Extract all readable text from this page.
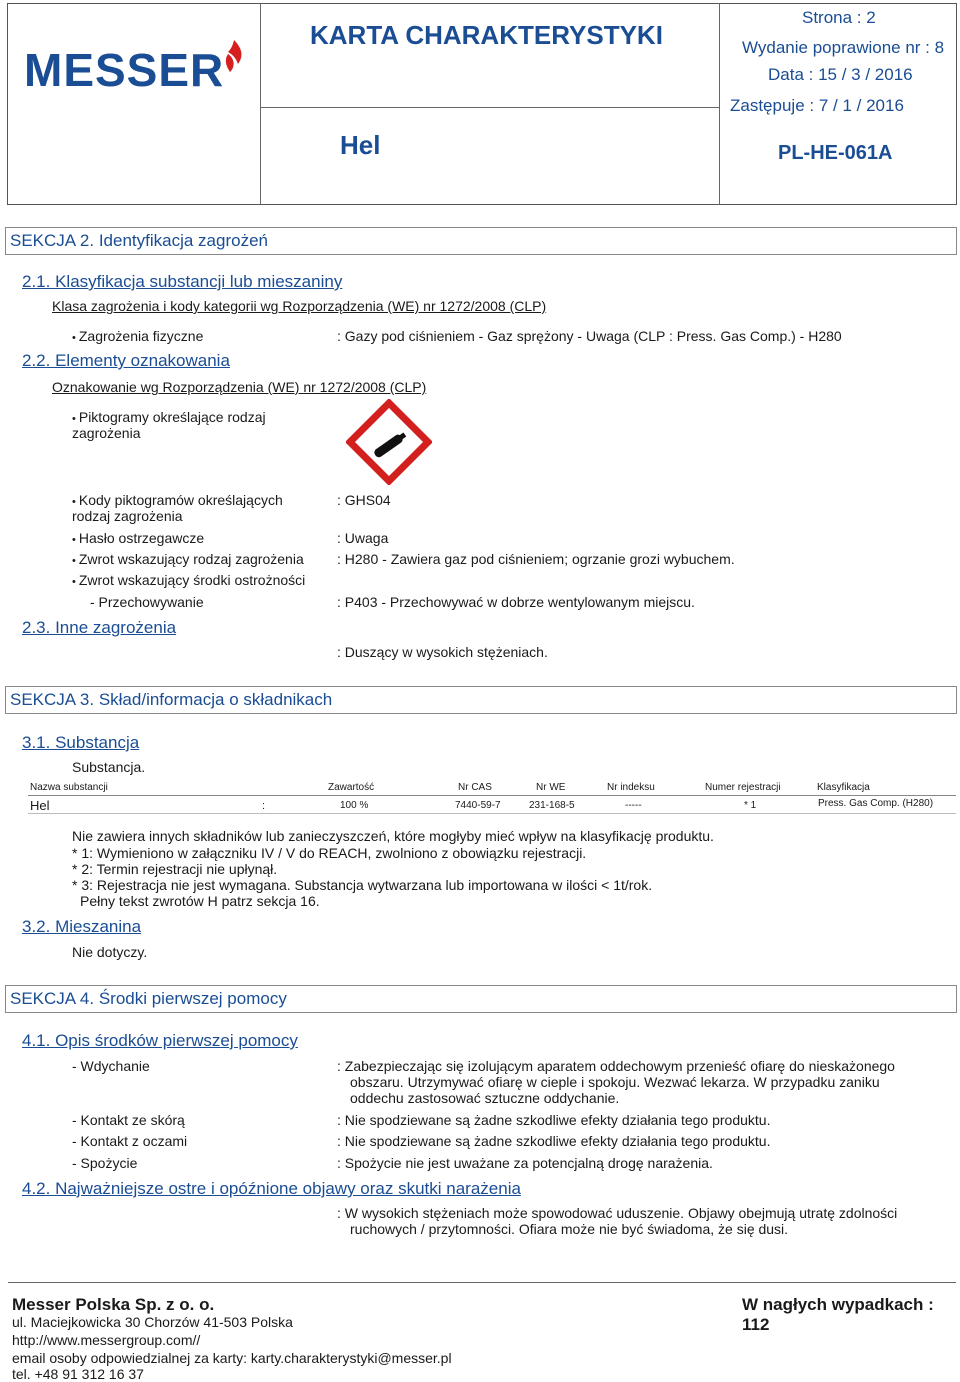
MESSER
KARTA CHARAKTERYSTYKI
Hel
Strona : 2
Wydanie poprawione nr : 8
Data : 15 / 3 / 2016
Zastępuje : 7 / 1 / 2016
PL-HE-061A
SEKCJA 2. Identyfikacja zagrożeń
2.1. Klasyfikacja substancji lub mieszaniny
Klasa zagrożenia i kody kategorii wg Rozporządzenia (WE) nr 1272/2008 (CLP)
• Zagrożenia fizyczne	: Gazy pod ciśnieniem - Gaz sprężony - Uwaga (CLP : Press. Gas Comp.) - H280
2.2. Elementy oznakowania
Oznakowanie wg Rozporządzenia (WE) nr 1272/2008 (CLP)
• Piktogramy określające rodzaj
zagrożenia
• Kody piktogramów określających
rodzaj zagrożenia
: GHS04
• Hasło ostrzegawcze	: Uwaga
• Zwrot wskazujący rodzaj zagrożenia : H280 - Zawiera gaz pod ciśnieniem; ogrzanie grozi wybuchem.
• Zwrot wskazujący środki ostrożności
- Przechowywanie	: P403 - Przechowywać w dobrze wentylowanym miejscu.
2.3. Inne zagrożenia
: Duszący w wysokich stężeniach.
SEKCJA 3. Skład/informacja o składnikach
3.1. Substancja
Substancja.
Nazwa substancji	Zawartość	Nr CAS	Nr WE	Nr indeksu	Numer rejestracji	Klasyfikacja
Hel	:	100 %	7440-59-7	231-168-5	-----	* 1	Press. Gas Comp. (H280)
Nie zawiera innych składników lub zanieczyszczeń, które mogłyby mieć wpływ na klasyfikację produktu.
* 1: Wymieniono w załączniku IV / V do REACH, zwolniono z obowiązku rejestracji.
* 2: Termin rejestracji nie upłynął.
* 3: Rejestracja nie jest wymagana. Substancja wytwarzana lub importowana w ilości < 1t/rok.
Pełny tekst zwrotów H patrz sekcja 16.
3.2. Mieszanina
Nie dotyczy.
SEKCJA 4. Środki pierwszej pomocy
4.1. Opis środków pierwszej pomocy
- Wdychanie	: Zabezpieczając się izolującym aparatem oddechowym przenieść ofiarę do nieskażonego
obszaru. Utrzymywać ofiarę w cieple i spokoju. Wezwać lekarza. W przypadku zaniku
oddechu zastosować sztuczne oddychanie.
- Kontakt ze skórą	: Nie spodziewane są żadne szkodliwe efekty działania tego produktu.
- Kontakt z oczami	: Nie spodziewane są żadne szkodliwe efekty działania tego produktu.
- Spożycie	: Spożycie nie jest uważane za potencjalną drogę narażenia.
4.2. Najważniejsze ostre i opóźnione objawy oraz skutki narażenia
: W wysokich stężeniach może spowodować uduszenie. Objawy obejmują utratę zdolności
ruchowych / przytomności. Ofiara może nie być świadoma, że się dusi.
Messer Polska Sp. z o. o.	W nagłych wypadkach : 112
ul. Maciejkowicka 30 Chorzów 41-503 Polska
http://www.messergroup.com//
email osoby odpowiedzialnej za karty: karty.charakterystyki@messer.pl
tel. +48 91 312 16 37
